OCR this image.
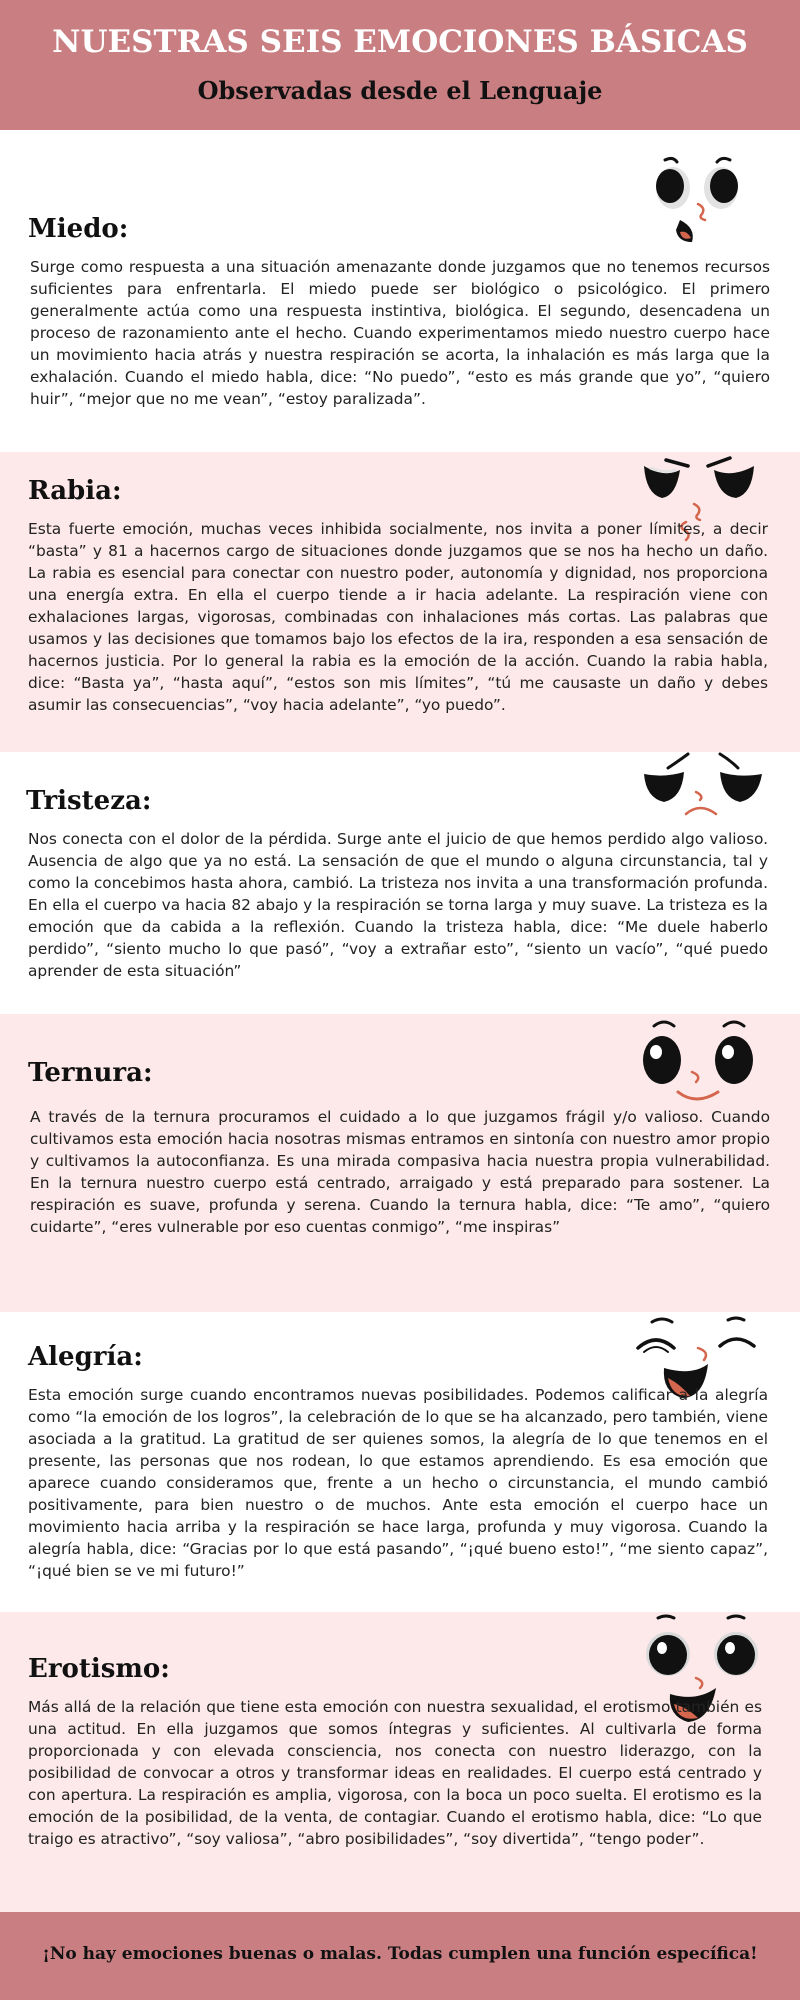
NUESTRAS SEIS EMOCIONES BÁSICAS
Observadas desde el Lenguaje
Miedo:
Surge como respuesta a una situación amenazante donde juzgamos que no tenemos recursos suficientes para enfrentarla. El miedo puede ser biológico o psicológico. El primero generalmente actúa como una respuesta instintiva, biológica. El segundo, desencadena un proceso de razonamiento ante el hecho. Cuando experimentamos miedo nuestro cuerpo hace un movimiento hacia atrás y nuestra respiración se acorta, la inhalación es más larga que la exhalación. Cuando el miedo habla, dice: “No puedo”, “esto es más grande que yo”, “quiero huir”, “mejor que no me vean”, “estoy paralizada”.
Rabia:
Esta fuerte emoción, muchas veces inhibida socialmente, nos invita a poner límites, a decir “basta” y 81 a hacernos cargo de situaciones donde juzgamos que se nos ha hecho un daño. La rabia es esencial para conectar con nuestro poder, autonomía y dignidad, nos proporciona una energía extra. En ella el cuerpo tiende a ir hacia adelante. La respiración viene con exhalaciones largas, vigorosas, combinadas con inhalaciones más cortas. Las palabras que usamos y las decisiones que tomamos bajo los efectos de la ira, responden a esa sensación de hacernos justicia. Por lo general la rabia es la emoción de la acción. Cuando la rabia habla, dice: “Basta ya”, “hasta aquí”, “estos son mis límites”, “tú me causaste un daño y debes asumir las consecuencias”, “voy hacia adelante”, “yo puedo”.
Tristeza:
Nos conecta con el dolor de la pérdida. Surge ante el juicio de que hemos perdido algo valioso. Ausencia de algo que ya no está. La sensación de que el mundo o alguna circunstancia, tal y como la concebimos hasta ahora, cambió. La tristeza nos invita a una transformación profunda. En ella el cuerpo va hacia 82 abajo y la respiración se torna larga y muy suave. La tristeza es la emoción que da cabida a la reflexión. Cuando la tristeza habla, dice: “Me duele haberlo perdido”, “siento mucho lo que pasó”, “voy a extrañar esto”, “siento un vacío”, “qué puedo aprender de esta situación”
Ternura:
A través de la ternura procuramos el cuidado a lo que juzgamos frágil y/o valioso. Cuando cultivamos esta emoción hacia nosotras mismas entramos en sintonía con nuestro amor propio y cultivamos la autoconfianza. Es una mirada compasiva hacia nuestra propia vulnerabilidad. En la ternura nuestro cuerpo está centrado, arraigado y está preparado para sostener. La respiración es suave, profunda y serena. Cuando la ternura habla, dice: “Te amo”, “quiero cuidarte”, “eres vulnerable por eso cuentas conmigo”, “me inspiras”
Alegría:
Esta emoción surge cuando encontramos nuevas posibilidades. Podemos calificar a la alegría como “la emoción de los logros”, la celebración de lo que se ha alcanzado, pero también, viene asociada a la gratitud. La gratitud de ser quienes somos, la alegría de lo que tenemos en el presente, las personas que nos rodean, lo que estamos aprendiendo. Es esa emoción que aparece cuando consideramos que, frente a un hecho o circunstancia, el mundo cambió positivamente, para bien nuestro o de muchos. Ante esta emoción el cuerpo hace un movimiento hacia arriba y la respiración se hace larga, profunda y muy vigorosa. Cuando la alegría habla, dice: “Gracias por lo que está pasando”, “¡qué bueno esto!”, “me siento capaz”, “¡qué bien se ve mi futuro!”
Erotismo:
Más allá de la relación que tiene esta emoción con nuestra sexualidad, el erotismo también es una actitud. En ella juzgamos que somos íntegras y suficientes. Al cultivarla de forma proporcionada y con elevada consciencia, nos conecta con nuestro liderazgo, con la posibilidad de convocar a otros y transformar ideas en realidades. El cuerpo está centrado y con apertura. La respiración es amplia, vigorosa, con la boca un poco suelta. El erotismo es la emoción de la posibilidad, de la venta, de contagiar. Cuando el erotismo habla, dice: “Lo que traigo es atractivo”, “soy valiosa”, “abro posibilidades”, “soy divertida”, “tengo poder”.
¡No hay emociones buenas o malas. Todas cumplen una función específica!
